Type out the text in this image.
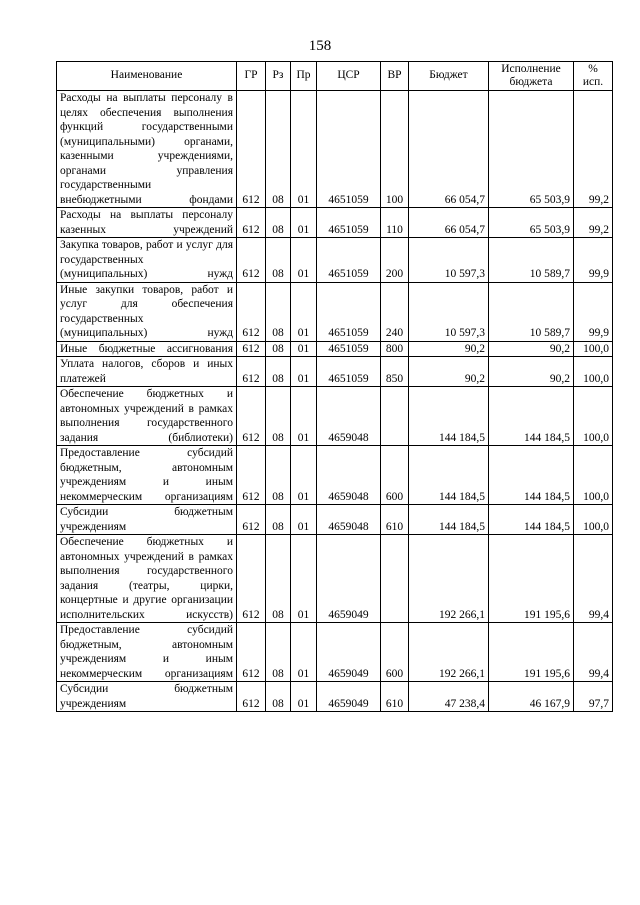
158
Наименование	ГР	Рз	Пр	ЦСР	ВР	Бюджет	Исполнение бюджета	% исп.
Расходы на выплаты персоналу в целях обеспечения выполнения функций государственными (муниципальными) органами, казенными учреждениями, органами управления государственными внебюджетными фондами	612	08	01	4651059	100	66 054,7	65 503,9	99,2
Расходы на выплаты персоналу казенных учреждений	612	08	01	4651059	110	66 054,7	65 503,9	99,2
Закупка товаров, работ и услуг для государственных (муниципальных) нужд	612	08	01	4651059	200	10 597,3	10 589,7	99,9
Иные закупки товаров, работ и услуг для обеспечения государственных (муниципальных) нужд	612	08	01	4651059	240	10 597,3	10 589,7	99,9
Иные бюджетные ассигнования	612	08	01	4651059	800	90,2	90,2	100,0
Уплата налогов, сборов и иных платежей	612	08	01	4651059	850	90,2	90,2	100,0
Обеспечение бюджетных и автономных учреждений в рамках выполнения государственного задания (библиотеки)	612	08	01	4659048		144 184,5	144 184,5	100,0
Предоставление субсидий бюджетным, автономным учреждениям и иным некоммерческим организациям	612	08	01	4659048	600	144 184,5	144 184,5	100,0
Субсидии бюджетным учреждениям	612	08	01	4659048	610	144 184,5	144 184,5	100,0
Обеспечение бюджетных и автономных учреждений в рамках выполнения государственного задания (театры, цирки, концертные и другие организации исполнительских искусств)	612	08	01	4659049		192 266,1	191 195,6	99,4
Предоставление субсидий бюджетным, автономным учреждениям и иным некоммерческим организациям	612	08	01	4659049	600	192 266,1	191 195,6	99,4
Субсидии бюджетным учреждениям	612	08	01	4659049	610	47 238,4	46 167,9	97,7
